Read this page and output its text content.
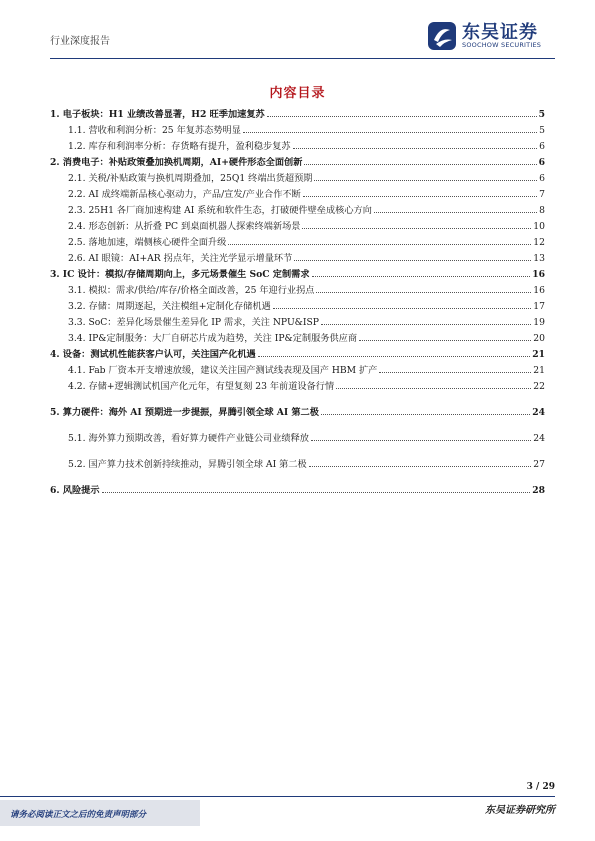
行业深度报告	东吴证券
SOOCHOW SECURITIES
内容目录
1. 电子板块：H1 业绩改善显著，H2 旺季加速复苏	5
1.1. 营收和利润分析：25 年复苏态势明显	5
1.2. 库存和利润率分析：存货略有提升，盈利稳步复苏	6
2. 消费电子：补贴政策叠加换机周期，AI+硬件形态全面创新	6
2.1. 关税/补贴政策与换机周期叠加，25Q1 终端出货超预期	6
2.2. AI 成终端新品核心驱动力，产品/宣发/产业合作不断	7
2.3. 25H1 各厂商加速构建 AI 系统和软件生态，打破硬件壁垒成核心方向	8
2.4. 形态创新：从折叠 PC 到桌面机器人探索终端新场景	10
2.5. 落地加速，端侧核心硬件全面升级	12
2.6. AI 眼镜：AI+AR 拐点年，关注光学显示增量环节	13
3. IC 设计：模拟/存储周期向上，多元场景催生 SoC 定制需求	16
3.1. 模拟：需求/供给/库存/价格全面改善，25 年迎行业拐点	16
3.2. 存储：周期逐起，关注模组+定制化存储机遇	17
3.3. SoC：差异化场景催生差异化 IP 需求，关注 NPU&ISP	19
3.4. IP&定制服务：大厂自研芯片成为趋势，关注 IP&定制服务供应商	20
4. 设备：测试机性能获客户认可，关注国产化机遇	21
4.1. Fab 厂资本开支增速放缓，建议关注国产测试线表现及国产 HBM 扩产	21
4.2. 存储+逻辑测试机国产化元年，有望复刻 23 年前道设备行情	22
5. 算力硬件：海外 AI 预期进一步提振，昇腾引领全球 AI 第二极	24
5.1. 海外算力预期改善，看好算力硬件产业链公司业绩释放	24
5.2. 国产算力技术创新持续推动，昇腾引领全球 AI 第二极	27
6. 风险提示	28
3 / 29
请务必阅读正文之后的免责声明部分	东吴证券研究所
